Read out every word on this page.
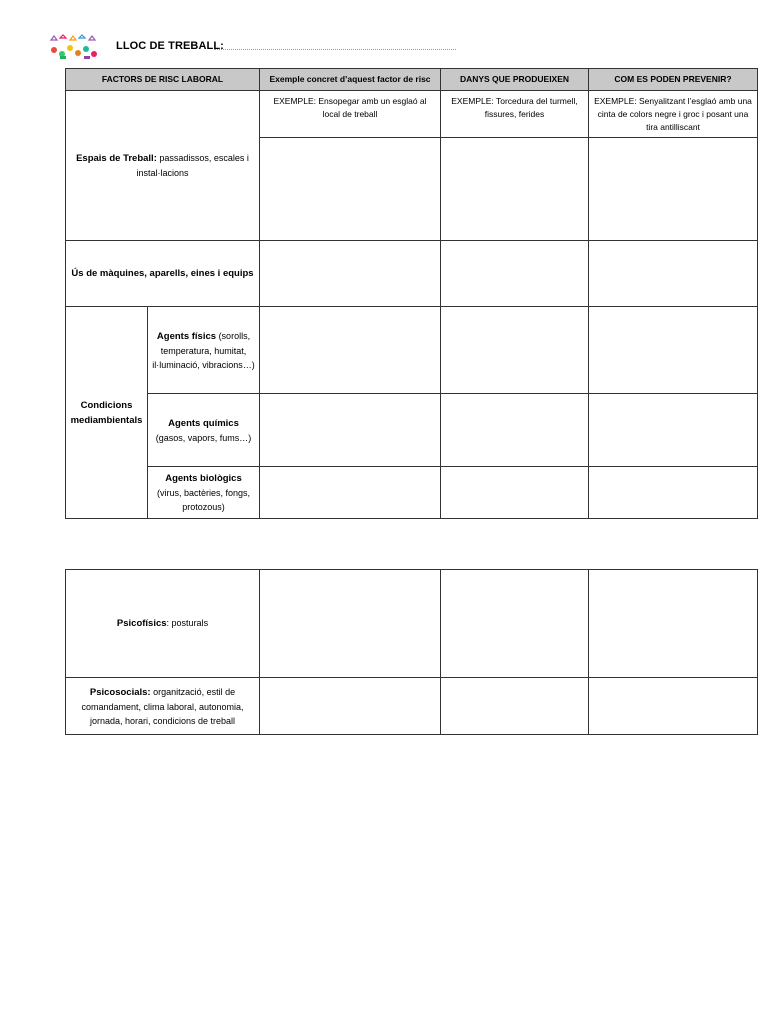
LLOC DE TREBALL:
FACTORS DE RISC LABORAL		Exemple concret d’aquest factor de risc	DANYS QUE PRODUEIXEN	COM ES PODEN PREVENIR?
Espais de Treball: passadissos, escales i instal·lacions		EXEMPLE: Ensopegar amb un esglaó al local de treball	EXEMPLE: Torcedura del turmell, fissures, ferides	EXEMPLE: Senyalitzant l’esglaó amb una cinta de colors negre i groc i posant una tira antilliscant

Ús de màquines, aparells, eines i equips				
Condicions mediambientals	Agents físics (sorolls, temperatura, humitat, il·luminació, vibracions…)			
	Agents químics
(gasos, vapors, fums…)			
	Agents biològics
(virus, bactèries, fongs, protozous)			
Psicofísics: posturals			
Psicosocials: organització, estil de comandament, clima laboral, autonomia, jornada, horari, condicions de treball			
